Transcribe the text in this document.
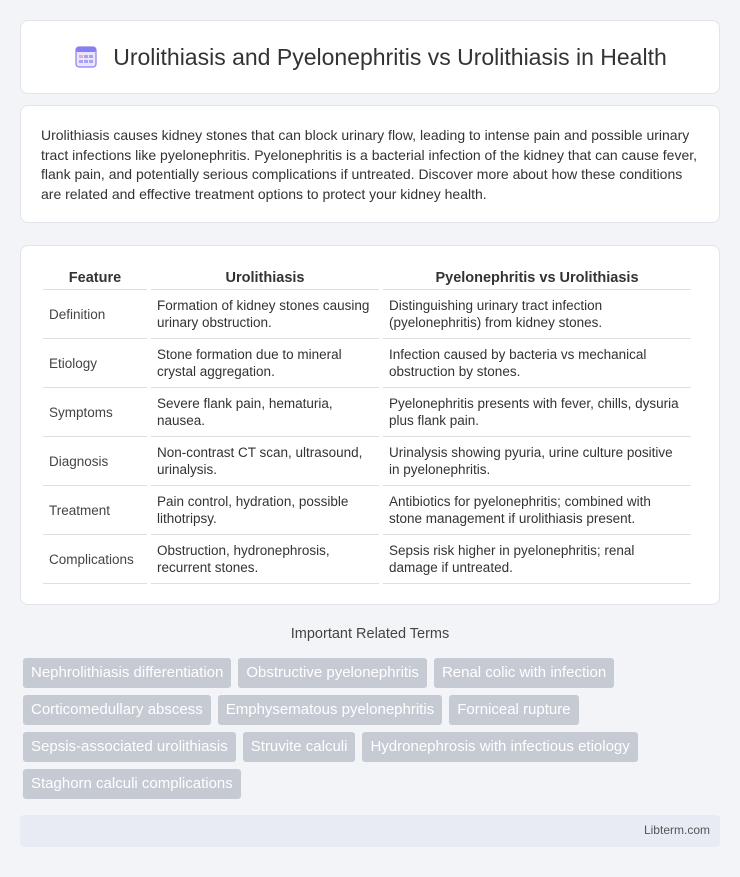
Urolithiasis and Pyelonephritis vs Urolithiasis in Health

Urolithiasis causes kidney stones that can block urinary flow, leading to intense pain and possible urinary tract infections like pyelonephritis. Pyelonephritis is a bacterial infection of the kidney that can cause fever, flank pain, and potentially serious complications if untreated. Discover more about how these conditions are related and effective treatment options to protect your kidney health.

Feature	Urolithiasis	Pyelonephritis vs Urolithiasis
Definition	Formation of kidney stones causing urinary obstruction.	Distinguishing urinary tract infection (pyelonephritis) from kidney stones.
Etiology	Stone formation due to mineral crystal aggregation.	Infection caused by bacteria vs mechanical obstruction by stones.
Symptoms	Severe flank pain, hematuria, nausea.	Pyelonephritis presents with fever, chills, dysuria plus flank pain.
Diagnosis	Non-contrast CT scan, ultrasound, urinalysis.	Urinalysis showing pyuria, urine culture positive in pyelonephritis.
Treatment	Pain control, hydration, possible lithotripsy.	Antibiotics for pyelonephritis; combined with stone management if urolithiasis present.
Complications	Obstruction, hydronephrosis, recurrent stones.	Sepsis risk higher in pyelonephritis; renal damage if untreated.
Important Related Terms
Nephrolithiasis differentiation	Obstructive pyelonephritis	Renal colic with infection
Corticomedullary abscess	Emphysematous pyelonephritis	Forniceal rupture
Sepsis-associated urolithiasis	Struvite calculi	Hydronephrosis with infectious etiology
Staghorn calculi complications
Libterm.com
